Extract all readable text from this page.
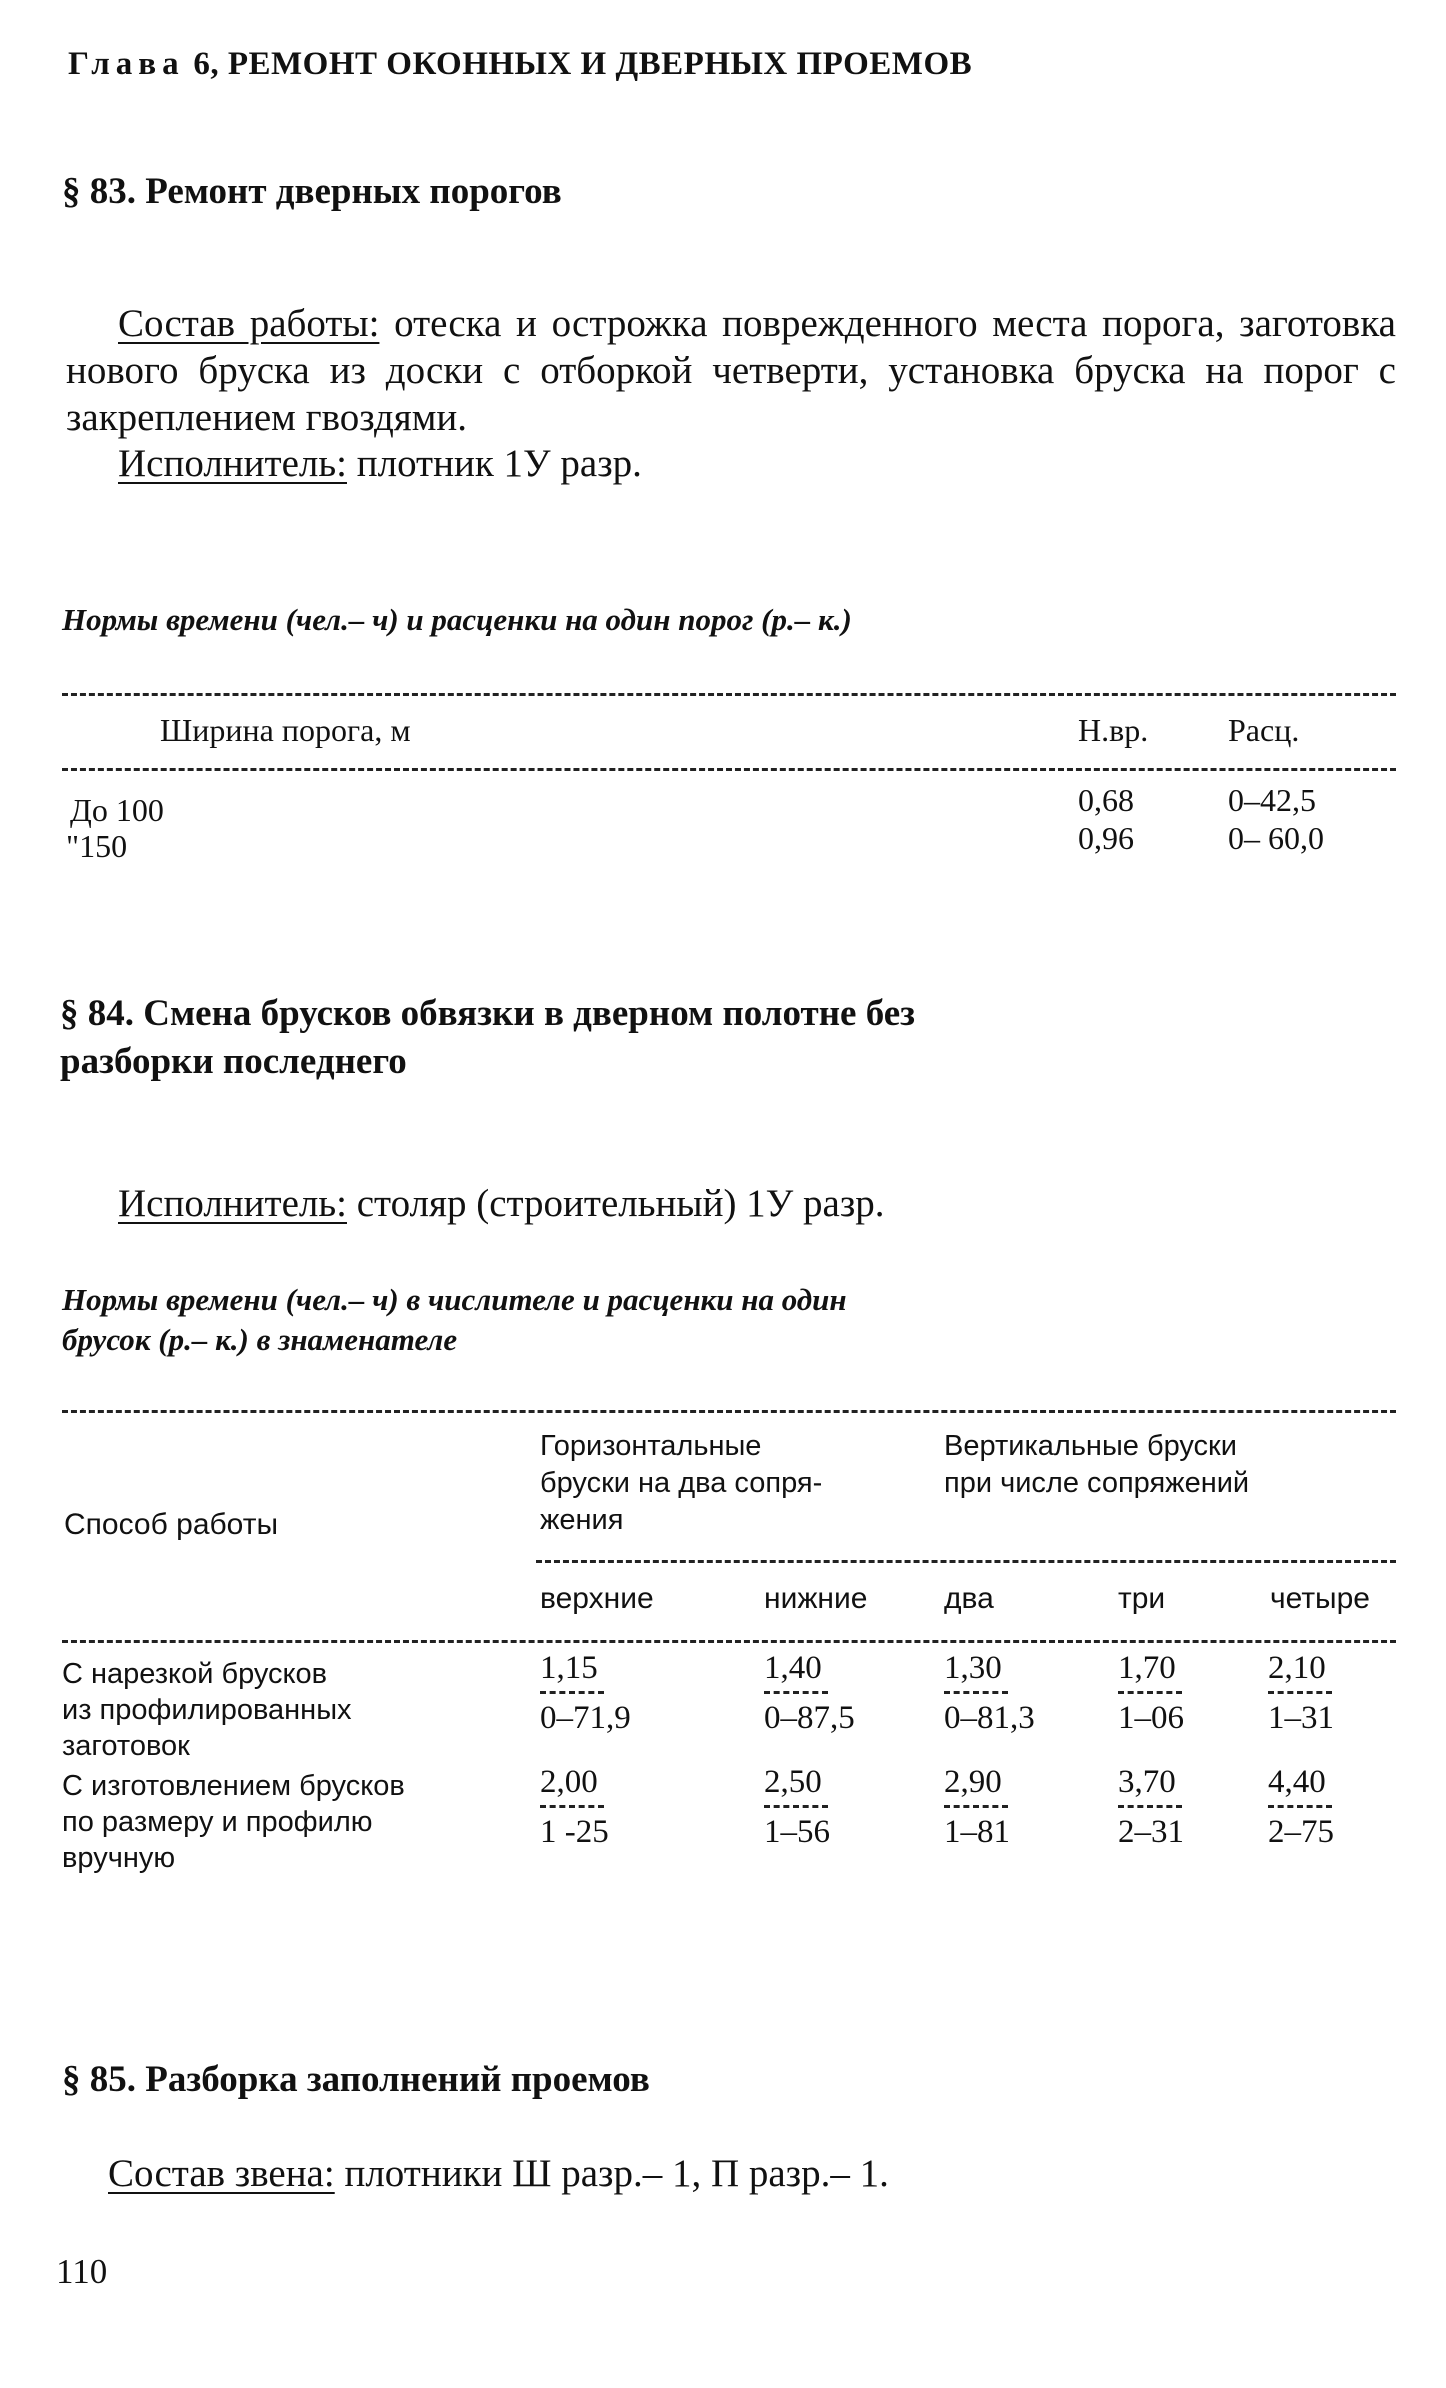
Глава 6, РЕМОНТ ОКОННЫХ И ДВЕРНЫХ ПРОЕМОВ
§ 83. Ремонт дверных порогов
Состав работы: отеска и острожка поврежденного места порога, заготовка нового бруска из доски с отборкой четверти, установка бруска на порог с закреплением гвоздями.
Исполнитель: плотник 1У разр.
Нормы времени (чел.– ч) и расценки на один порог (р.– к.)
Ширина порога, м	Н.вр. Расц.
До 100	0,68	0–42,5
"150	0,96	0– 60,0
§ 84. Смена брусков обвязки в дверном полотне без
разборки последнего
Исполнитель: столяр (строительный) 1У разр.
Нормы времени (чел.– ч) в числителе и расценки на один
брусок (р.– к.) в знаменателе
Способ работы
Горизонтальные
бруски на два сопря-
жения
Вертикальные бруски
при числе сопряжений
верхние	нижние	два	три	четыре
С нарезкой брусков
из профилированных
заготовок
$\frac{1,15}{0-71,9}$	$\frac{1,40}{0-87,5}$	$\frac{1,30}{0-81,3}$	$\frac{1,70}{1-06}$	$\frac{2,10}{1-31}$
С изготовлением брусков
по размеру и профилю
вручную
$\frac{2,00}{1 -25}$	$\frac{2,50}{1-56}$	$\frac{2,90}{1-81}$	$\frac{3,70}{2-31}$	$\frac{4,40}{2-75}$
§ 85. Разборка заполнений проемов
Состав звена: плотники Ш разр.– 1, П разр.– 1.
110
